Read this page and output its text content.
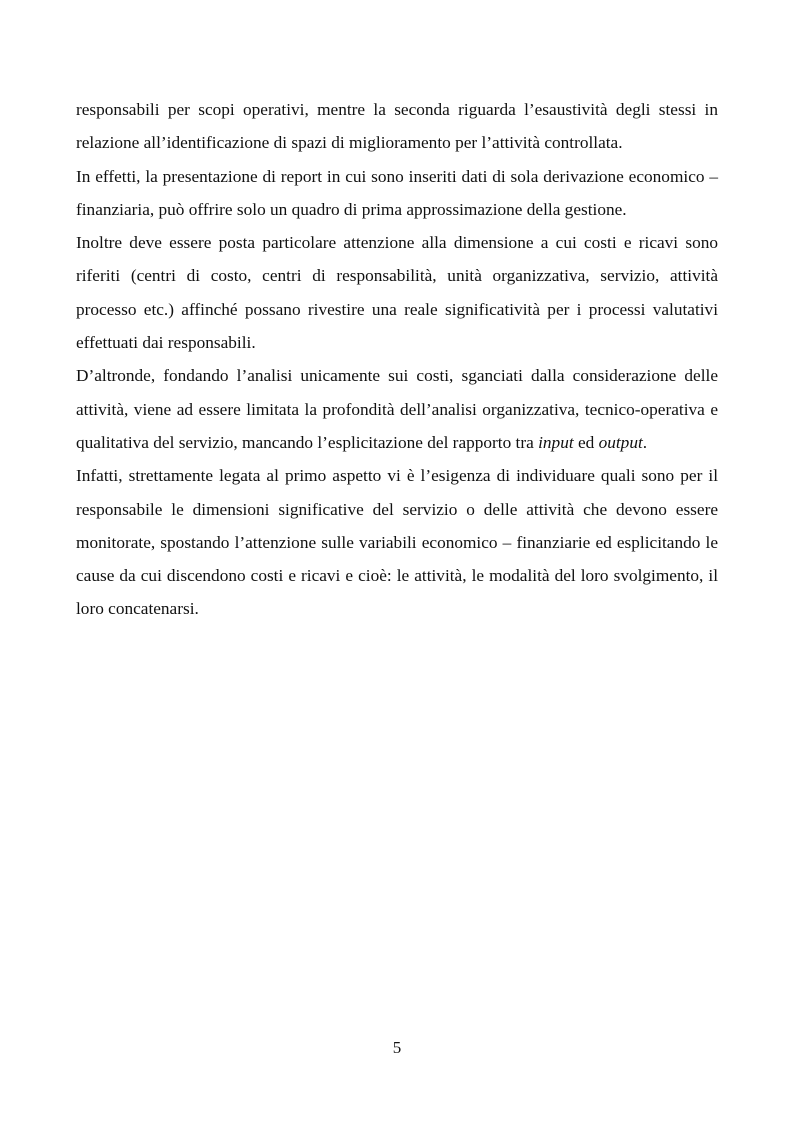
responsabili per scopi operativi, mentre la seconda riguarda l’esaustività degli stessi in relazione all’identificazione di spazi di miglioramento per l’attività controllata.

In effetti, la presentazione di report in cui sono inseriti dati di sola derivazione economico – finanziaria, può offrire solo un quadro di prima approssimazione della gestione.

Inoltre deve essere posta particolare attenzione alla dimensione a cui costi e ricavi sono riferiti (centri di costo, centri di responsabilità, unità organizzativa, servizio, attività processo etc.) affinché possano rivestire una reale significatività per i processi valutativi effettuati dai responsabili.

D’altronde, fondando l’analisi unicamente sui costi, sganciati dalla considerazione delle attività, viene ad essere limitata la profondità dell’analisi organizzativa, tecnico-operativa e qualitativa del servizio, mancando l’esplicitazione del rapporto tra input ed output.

Infatti, strettamente legata al primo aspetto vi è l’esigenza di individuare quali sono per il responsabile le dimensioni significative del servizio o delle attività che devono essere monitorate, spostando l’attenzione sulle variabili economico – finanziarie ed esplicitando le cause da cui discendono costi e ricavi e cioè: le attività, le modalità del loro svolgimento, il loro concatenarsi.

5
